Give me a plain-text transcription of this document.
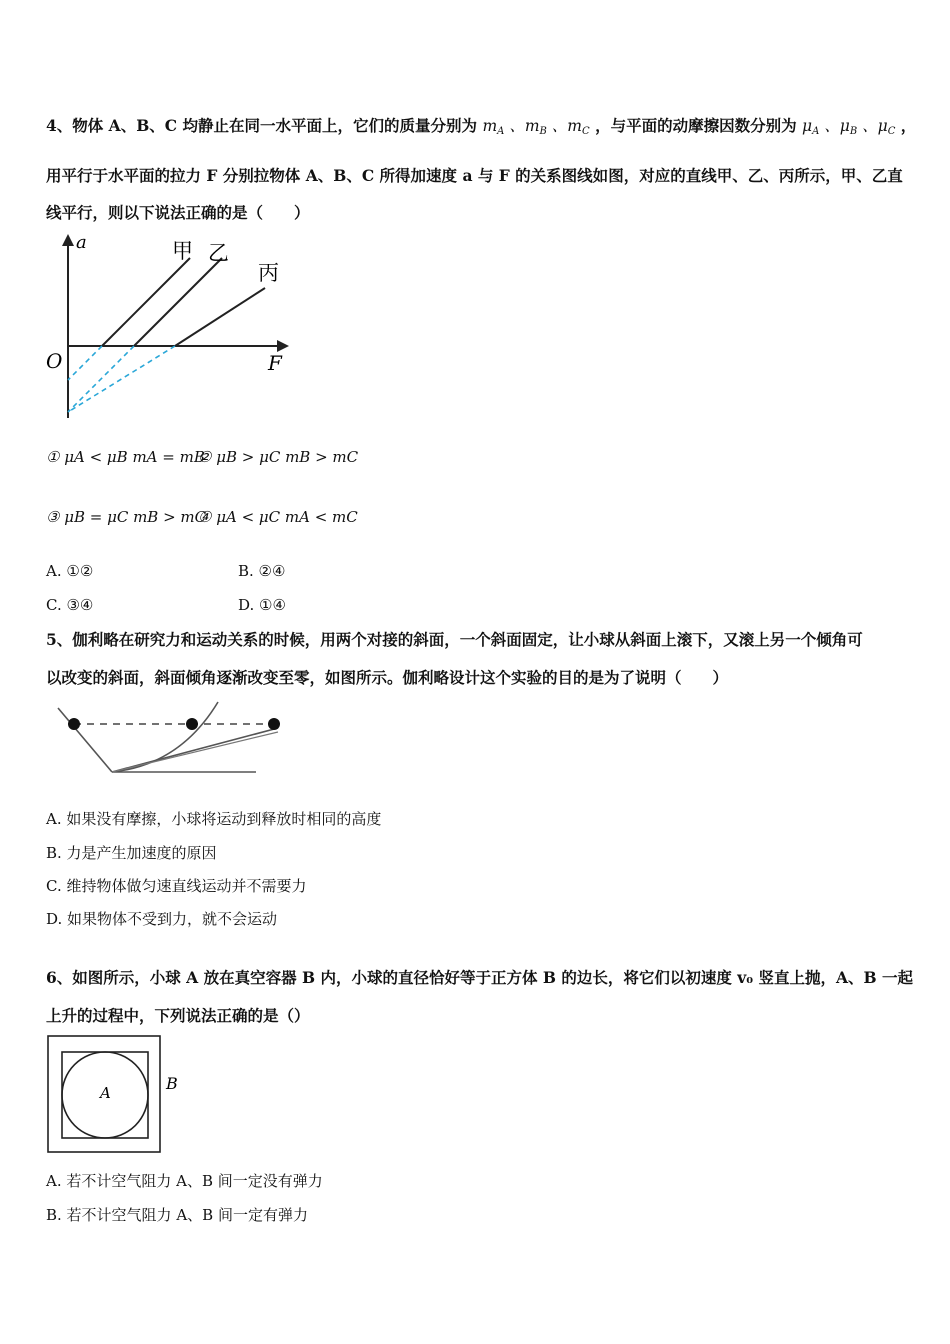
4、物体 A、B、C 均静止在同一水平面上，它们的质量分别为 mA 、mB 、mC ，与平面的动摩擦因数分别为 μA 、μB 、μC ，
用平行于水平面的拉力 F 分别拉物体 A、B、C 所得加速度 a 与 F 的关系图线如图，对应的直线甲、乙、丙所示，甲、乙直
线平行，则以下说法正确的是（　　）
a
F
O
甲 乙
丙
① μA < μB mA = mB
② μB > μC mB > mC
③ μB = μC mB > mC
④ μA < μC mA < mC
A. ①②	B. ②④
C. ③④	D. ①④
5、伽利略在研究力和运动关系的时候，用两个对接的斜面，一个斜面固定，让小球从斜面上滚下，又滚上另一个倾角可
以改变的斜面，斜面倾角逐渐改变至零，如图所示。伽利略设计这个实验的目的是为了说明（　　）
A. 如果没有摩擦，小球将运动到释放时相同的高度
B. 力是产生加速度的原因
C. 维持物体做匀速直线运动并不需要力
D. 如果物体不受到力，就不会运动
6、如图所示，小球 A 放在真空容器 B 内，小球的直径恰好等于正方体 B 的边长，将它们以初速度 v₀ 竖直上抛，A、B 一起
上升的过程中，下列说法正确的是（）
A	B
A. 若不计空气阻力 A、B 间一定没有弹力
B. 若不计空气阻力 A、B 间一定有弹力
